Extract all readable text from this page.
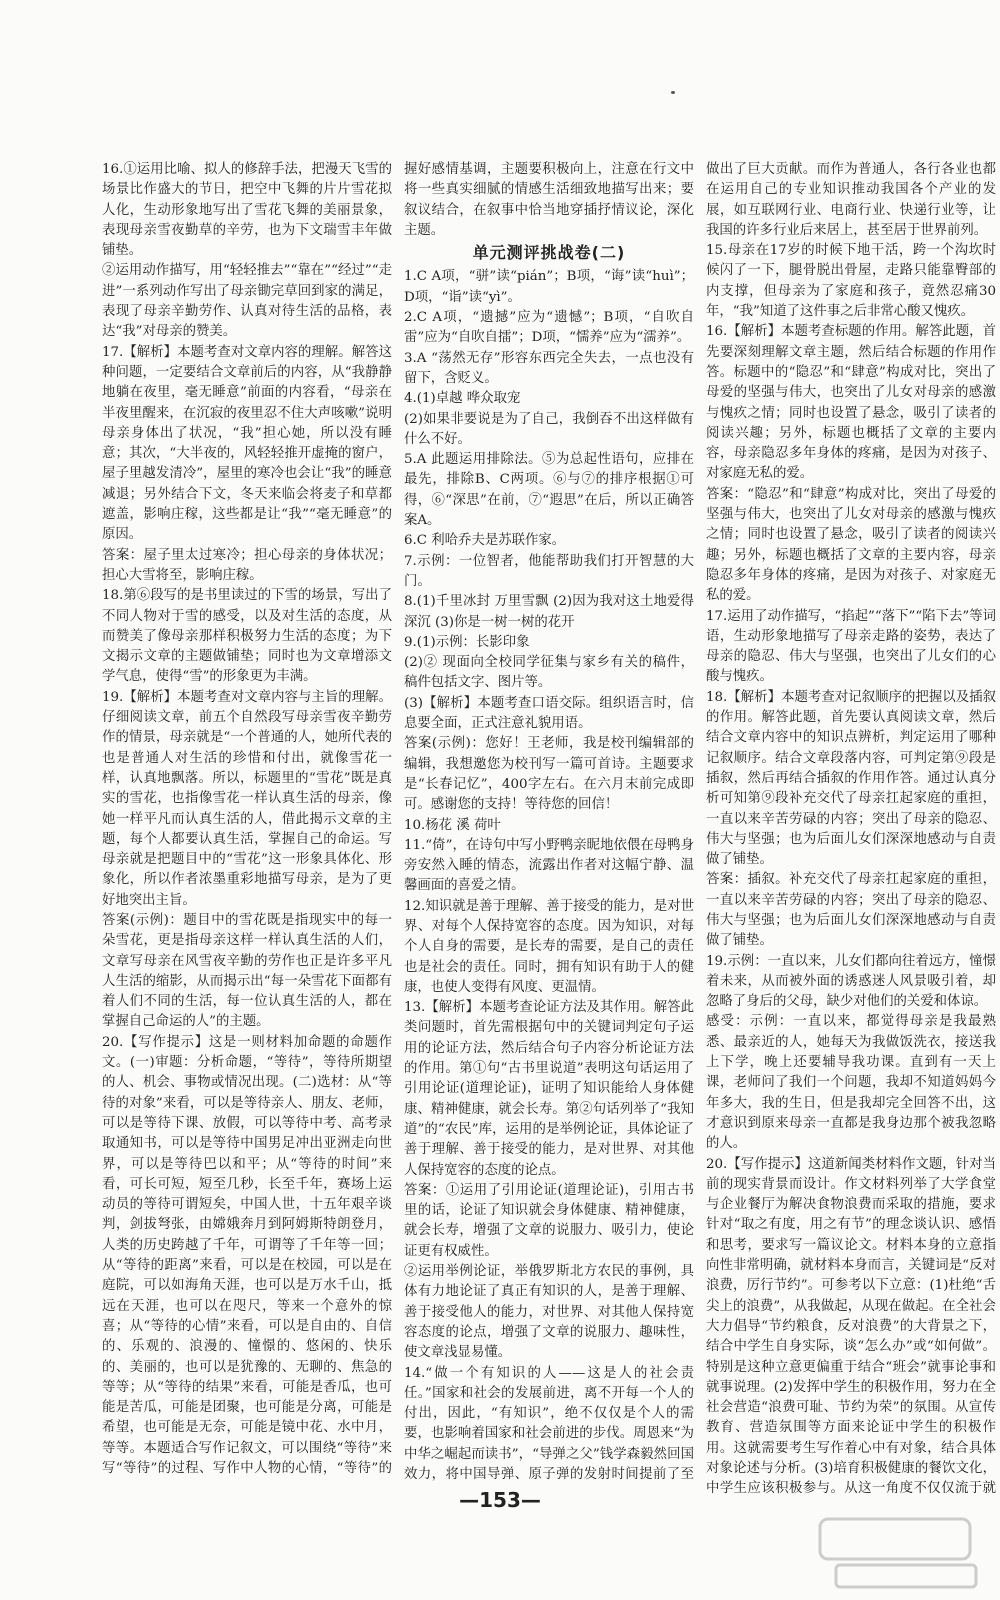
16.①运用比喻、拟人的修辞手法，把漫天飞雪的场景比作盛大的节日，把空中飞舞的片片雪花拟人化，生动形象地写出了雪花飞舞的美丽景象，表现母亲雪夜勤草的辛劳，也为下文瑞雪丰年做铺垫。

②运用动作描写，用“轻轻推去”“靠在”“经过”“走进”一系列动作写出了母亲锄完草回到家的满足，表现了母亲辛勤劳作、认真对待生活的品格，表达“我”对母亲的赞美。

17.【解析】本题考查对文章内容的理解。解答这种问题，一定要结合文章前后的内容，从“我静静地躺在夜里，毫无睡意”前面的内容看，“母亲在半夜里醒来，在沉寂的夜里忍不住大声咳嗽”说明母亲身体出了状况，“我”担心她，所以没有睡意；其次，“大半夜的，风轻轻推开虚掩的窗户，屋子里越发清冷”，屋里的寒冷也会让“我”的睡意减退；另外结合下文，冬天来临会将麦子和草都遮盖，影响庄稼，这些都是让“我”“毫无睡意”的原因。

答案：屋子里太过寒冷；担心母亲的身体状况；担心大雪将至，影响庄稼。

18.第⑥段写的是书里读过的下雪的场景，写出了不同人物对于雪的感受，以及对生活的态度，从而赞美了像母亲那样积极努力生活的态度；为下文揭示文章的主题做铺垫；同时也为文章增添文学气息，使得“雪”的形象更为丰满。

19.【解析】本题考查对文章内容与主旨的理解。仔细阅读文章，前五个自然段写母亲雪夜辛勤劳作的情景，母亲就是“一个普通的人，她所代表的也是普通人对生活的珍惜和付出，就像雪花一样，认真地飘落。所以，标题里的“雪花”既是真实的雪花，也指像雪花一样认真生活的母亲，像她一样平凡而认真生活的人，借此揭示文章的主题，每个人都要认真生活，掌握自己的命运。写母亲就是把题目中的“雪花”这一形象具体化、形象化，所以作者浓墨重彩地描写母亲，是为了更好地突出主旨。

答案(示例)：题目中的雪花既是指现实中的每一朵雪花，更是指母亲这样一样认真生活的人们，文章写母亲在风雪夜辛勤的劳作也正是许多平凡人生活的缩影，从而揭示出“每一朵雪花下面都有着人们不同的生活，每一位认真生活的人，都在掌握自己命运的人”的主题。

20.【写作提示】这是一则材料加命题的命题作文。(一)审题：分析命题，“等待”，等待所期望的人、机会、事物或情况出现。(二)选材：从“等待的对象”来看，可以是等待亲人、朋友、老师，可以是等待下课、放假，可以等待中考、高考录取通知书，可以是等待中国男足冲出亚洲走向世界，可以是等待巴以和平；从“等待的时间”来看，可长可短，短至几秒，长至千年，赛场上运动员的等待可谓短矣，中国人世，十五年艰辛谈判，剑拔弩张，由嫦娥奔月到阿姆斯特朗登月，人类的历史跨越了千年，可谓等了千年等一回；从“等待的距离”来看，可以是在校园，可以是在庭院，可以如海角天涯，也可以是万水千山，抵远在天涯，也可以在咫尺，等来一个意外的惊喜；从“等待的心情”来看，可以是自由的、自信的、乐观的、浪漫的、憧憬的、悠闲的、快乐的、美丽的，也可以是犹豫的、无聊的、焦急的等等；从“等待的结果”来看，可能是香瓜，也可能是苦瓜，可能是团聚，也可能是分离，可能是希望，也可能是无奈，可能是镜中花、水中月，等等。本题适合写作记叙文，可以围绕“等待”来写“等待”的过程、写作中人物的心情，“等待”的

握好感情基调，主题要积极向上，注意在行文中将一些真实细腻的情感生活细致地描写出来；要叙议结合，在叙事中恰当地穿插抒情议论，深化主题。

单元测评挑战卷(二)

1.C A项，“骈”读“pián”；B项，“诲”读“huì”；D项，“诣”读“yì”。

2.C A项，“遗撼”应为“遗憾”；B项，“自吹自雷”应为“自吹自擂”；D项，“懦养”应为“濡养”。

3.A “荡然无存”形容东西完全失去，一点也没有留下，含贬义。

4.(1)卓越 哗众取宠

(2)如果非要说是为了自己，我倒吞不出这样做有什么不好。

5.A 此题运用排除法。⑤为总起性语句，应排在最先，排除B、C两项。⑥与⑦的排序根据①可得，⑥“深思”在前，⑦“遐思”在后，所以正确答案A。

6.C 利哈乔夫是苏联作家。

7.示例：一位智者，他能帮助我们打开智慧的大门。

8.(1)千里冰封 万里雪飘 (2)因为我对这土地爱得深沉 (3)你是一树一树的花开

9.(1)示例：长影印象

(2)② 现面向全校同学征集与家乡有关的稿件，稿件包括文字、图片等。

(3)【解析】本题考查口语交际。组织语言时，信息要全面，正式注意礼貌用语。

答案(示例)：您好！王老师，我是校刊编辑部的编辑，我想邀您为校刊写一篇可首诗。主题要求是“长春记忆”，400字左右。在六月末前完成即可。感谢您的支持！等待您的回信！

10.杨花 溪 荷叶

11.“倚”，在诗句中写小野鸭亲昵地依偎在母鸭身旁安然入睡的情态，流露出作者对这幅宁静、温馨画面的喜爱之情。

12.知识就是善于理解、善于接受的能力，是对世界、对每个人保持宽容的态度。因为知识，对每个人自身的需要，是长寿的需要，是自己的责任也是社会的责任。同时，拥有知识有助于人的健康，也使人变得有风度、更温情。

13.【解析】本题考查论证方法及其作用。解答此类问题时，首先需根据句中的关键词判定句子运用的论证方法，然后结合句子内容分析论证方法的作用。第①句“古书里说道”表明这句话运用了引用论证(道理论证)，证明了知识能给人身体健康、精神健康，就会长寿。第②句话列举了“我知道”的“农民”库，运用的是举例论证，具体论证了善于理解、善于接受的能力，是对世界、对其他人保持宽容的态度的论点。

答案：①运用了引用论证(道理论证)，引用古书里的话，论证了知识就会身体健康、精神健康，就会长寿，增强了文章的说服力、吸引力，使论证更有权威性。

②运用举例论证，举俄罗斯北方农民的事例，具体有力地论证了真正有知识的人，是善于理解、善于接受他人的能力，对世界、对其他人保持宽容态度的论点，增强了文章的说服力、趣味性，使文章浅显易懂。

14.“做一个有知识的人——这是人的社会责任。”国家和社会的发展前进，离不开每一个人的付出，因此，“有知识”，绝不仅仅是个人的需要，也影响着国家和社会前进的步伐。周恩来“为中华之崛起而读书”，“导弹之父”钱学森毅然回国效力，将中国导弹、原子弹的发射时间提前了至

做出了巨大贡献。而作为普通人，各行各业也都在运用自己的专业知识推动我国各个产业的发展，如互联网行业、电商行业、快递行业等，让我国的许多行业后来居上，甚至居于世界前列。

15.母亲在17岁的时候下地干活，跨一个沟坎时候闪了一下，腿骨脱出骨屋，走路只能靠臀部的内支撑，但母亲为了家庭和孩子，竟然忍痛30年，“我”知道了这件事之后非常心酸又愧疚。

16.【解析】本题考查标题的作用。解答此题，首先要深刻理解文章主题，然后结合标题的作用作答。标题中的“隐忍”和“肆意”构成对比，突出了母爱的坚强与伟大，也突出了儿女对母亲的感激与愧疚之情；同时也设置了悬念，吸引了读者的阅读兴趣；另外，标题也概括了文章的主要内容，母亲隐忍多年身体的疼痛，是因为对孩子、对家庭无私的爱。

答案：“隐忍”和“肆意”构成对比，突出了母爱的坚强与伟大，也突出了儿女对母亲的感激与愧疚之情；同时也设置了悬念，吸引了读者的阅读兴趣；另外，标题也概括了文章的主要内容，母亲隐忍多年身体的疼痛，是因为对孩子、对家庭无私的爱。

17.运用了动作描写，“掐起”“落下”“陷下去”等词语，生动形象地描写了母亲走路的姿势，表达了母亲的隐忍、伟大与坚强，也突出了儿女们的心酸与愧疚。

18.【解析】本题考查对记叙顺序的把握以及插叙的作用。解答此题，首先要认真阅读文章，然后结合文章内容中的知识点辨析，判定运用了哪种记叙顺序。结合文章段落内容，可判定第⑨段是插叙，然后再结合插叙的作用作答。通过认真分析可知第⑨段补充交代了母亲扛起家庭的重担，一直以来辛苦劳碌的内容；突出了母亲的隐忍、伟大与坚强；也为后面儿女们深深地感动与自责做了铺垫。

答案：插叙。补充交代了母亲扛起家庭的重担，一直以来辛苦劳碌的内容；突出了母亲的隐忍、伟大与坚强；也为后面儿女们深深地感动与自责做了铺垫。

19.示例：一直以来，儿女们都向往着远方，憧憬着未来，从而被外面的诱惑迷人风景吸引着，却忽略了身后的父母，缺少对他们的关爱和体谅。

感受：示例：一直以来，都觉得母亲是我最熟悉、最亲近的人，她每天为我做饭洗衣，接送我上下学，晚上还要辅导我功课。直到有一天上课，老师问了我们一个问题，我却不知道妈妈今年多大，我的生日，但是我却完全回答不出，这才意识到原来母亲一直都是我身边那个被我忽略的人。

20.【写作提示】这道新闻类材料作文题，针对当前的现实背景而设计。作文材料列举了大学食堂与企业餐厅为解决食物浪费而采取的措施，要求针对“取之有度，用之有节”的理念谈认识、感悟和思考，要求写一篇议论文。材料本身的立意指向性非常明确，就材料本身而言，关键词是“反对浪费，厉行节约”。可参考以下立意：(1)杜绝“舌尖上的浪费”，从我做起，从现在做起。在全社会大力倡导“节约粮食，反对浪费”的大背景之下，结合中学生自身实际，谈“怎么办”或“如何做”。特别是这种立意更偏重于结合“班会”就事论事和就事说理。(2)发挥中学生的积极作用，努力在全社会营造“浪费可耻、节约为荣”的氛围。从宣传教育、营造氛围等方面来论证中学生的积极作用。这就需要考生写作着心中有对象，结合具体对象论述与分析。(3)培育积极健康的餐饮文化，中学生应该积极参与。从这一角度不仅仅流于就

—153—
